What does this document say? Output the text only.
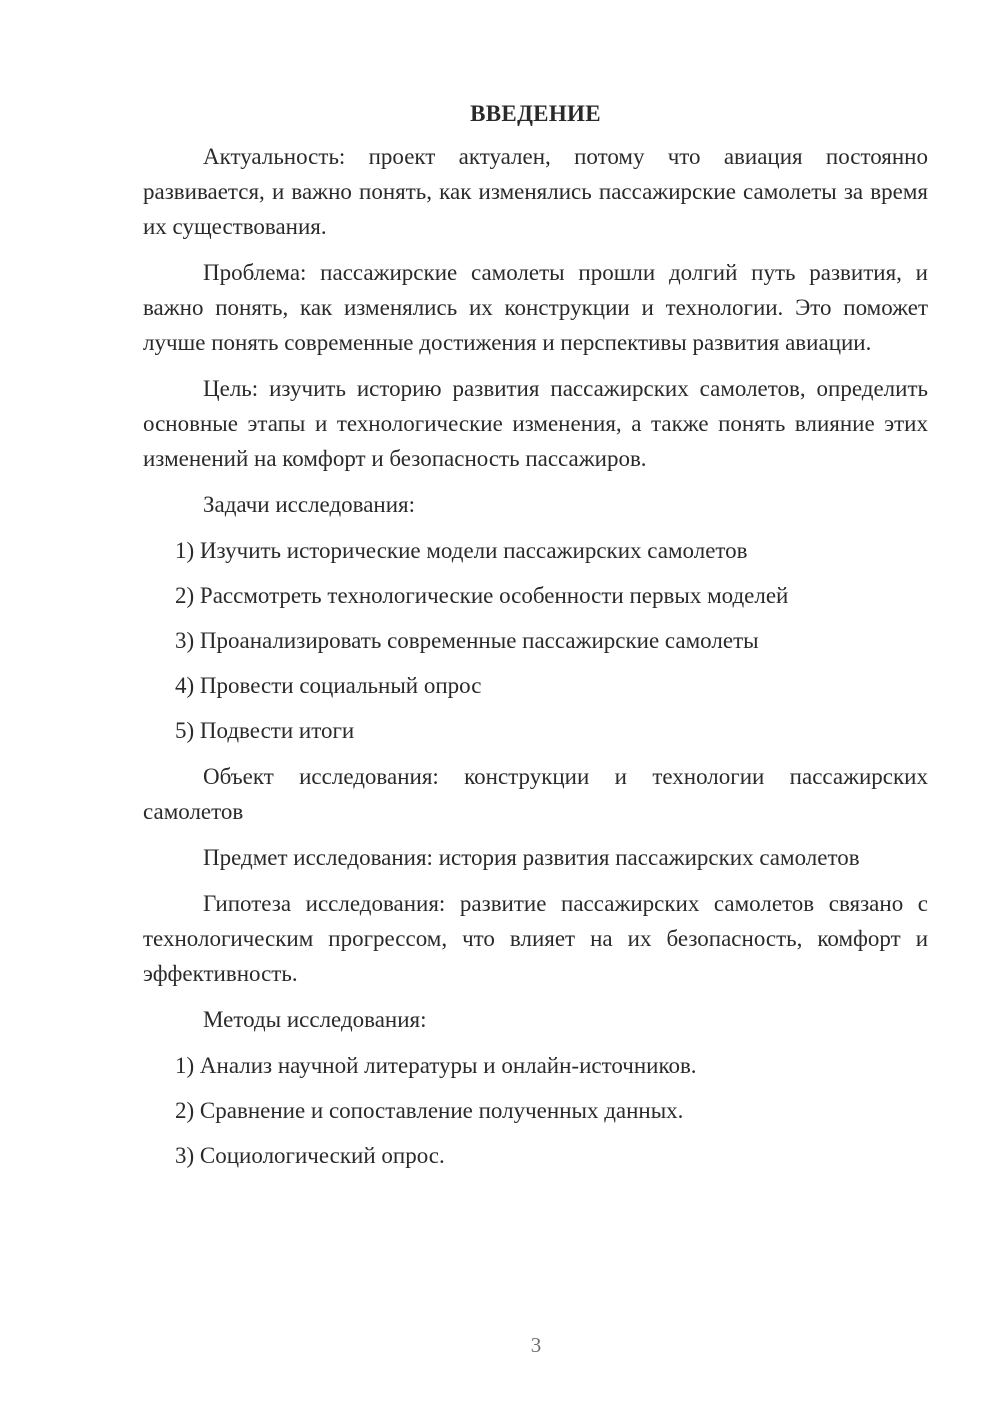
ВВЕДЕНИЕ

Актуальность: проект актуален, потому что авиация постоянно развивается, и важно понять, как изменялись пассажирские самолеты за время их существования.

Проблема: пассажирские самолеты прошли долгий путь развития, и важно понять, как изменялись их конструкции и технологии. Это поможет лучше понять современные достижения и перспективы развития авиации.

Цель: изучить историю развития пассажирских самолетов, определить основные этапы и технологические изменения, а также понять влияние этих изменений на комфорт и безопасность пассажиров.

Задачи исследования:

1) Изучить исторические модели пассажирских самолетов
2) Рассмотреть технологические особенности первых моделей
3) Проанализировать современные пассажирские самолеты
4) Провести социальный опрос
5) Подвести итоги

Объект исследования: конструкции и технологии пассажирских самолетов

Предмет исследования: история развития пассажирских самолетов

Гипотеза исследования: развитие пассажирских самолетов связано с технологическим прогрессом, что влияет на их безопасность, комфорт и эффективность.

Методы исследования:

1) Анализ научной литературы и онлайн-источников.
2) Сравнение и сопоставление полученных данных.
3) Социологический опрос.
3
